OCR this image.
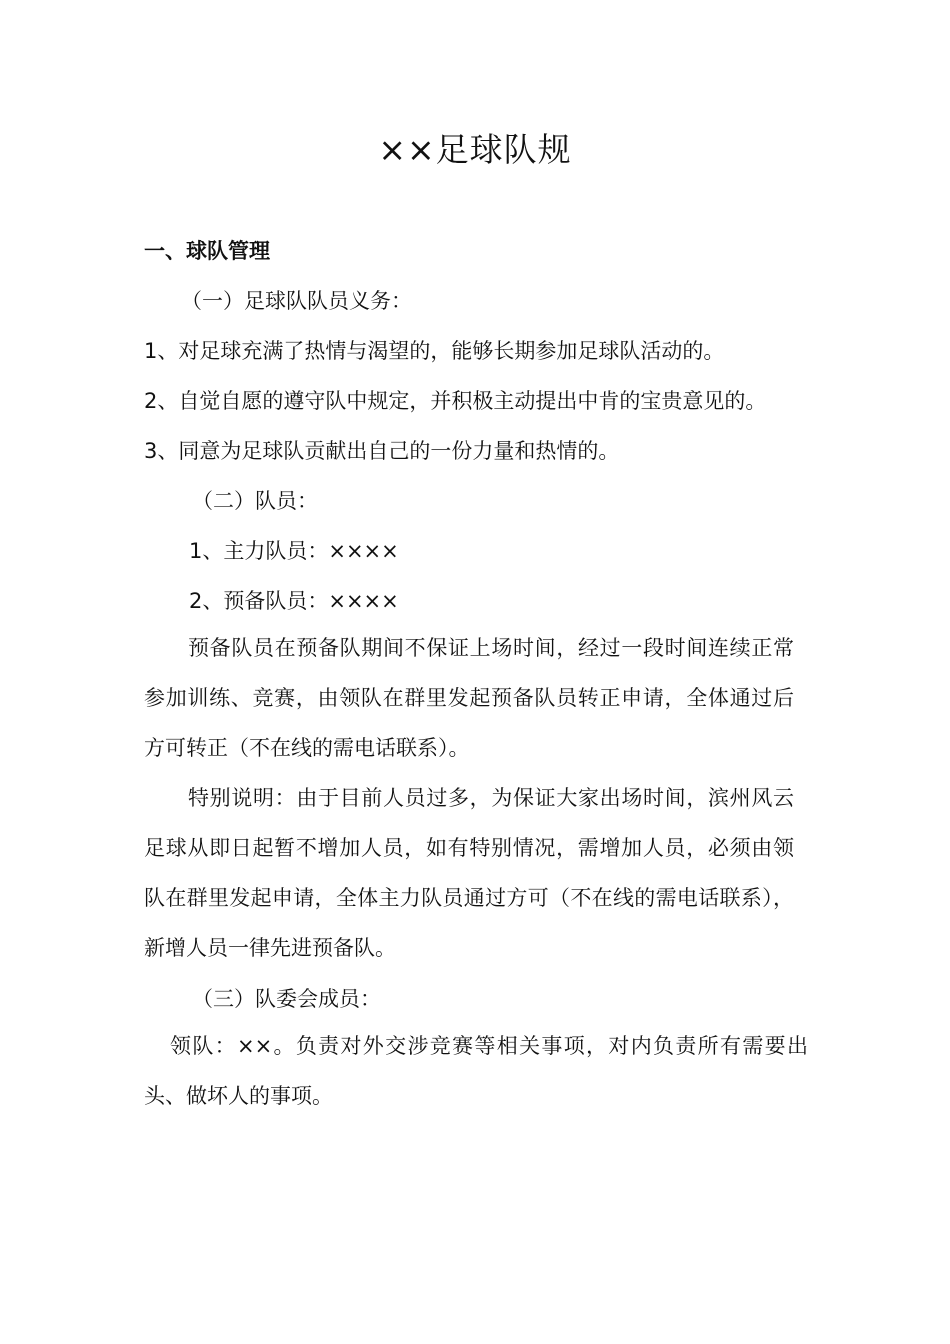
××足球队规
一、球队管理
（一）足球队队员义务：
1、对足球充满了热情与渴望的，能够长期参加足球队活动的。
2、自觉自愿的遵守队中规定，并积极主动提出中肯的宝贵意见的。
3、同意为足球队贡献出自己的一份力量和热情的。
（二）队员：
1、主力队员：××××
2、预备队员：××××
预备队员在预备队期间不保证上场时间，经过一段时间连续正常参加训练、竞赛，由领队在群里发起预备队员转正申请，全体通过后方可转正（不在线的需电话联系）。
特别说明：由于目前人员过多，为保证大家出场时间，滨州风云足球从即日起暂不增加人员，如有特别情况，需增加人员，必须由领队在群里发起申请，全体主力队员通过方可（不在线的需电话联系），新增人员一律先进预备队。
（三）队委会成员：
领队：××。负责对外交涉竞赛等相关事项，对内负责所有需要出头、做坏人的事项。
